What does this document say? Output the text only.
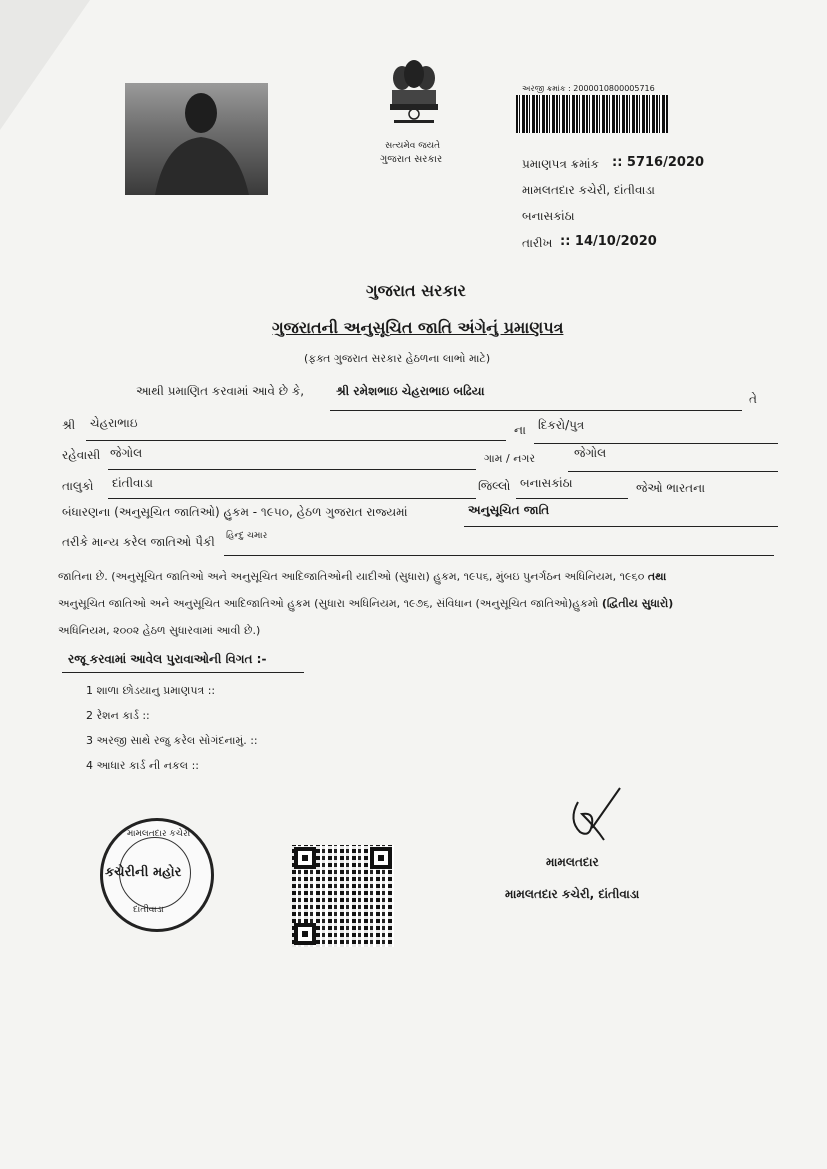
સત્યમેવ જયતે
ગુજરાત સરકાર
અરજી ક્રમાંક : 2000010800005716
પ્રમાણપત્ર ક્રમાંક :: 5716/2020
મામલતદાર કચેરી, દાંતીવાડા
બનાસકાંઠા
તારીખ :: 14/10/2020
ગુજરાત સરકાર
ગુજરાતની અનુસૂચિત જાતિ અંગેનું પ્રમાણપત્ર
(ફક્ત ગુજરાત સરકાર હેઠળના લાભો માટે)
આથી પ્રમાણિત કરવામાં આવે છે કે,	શ્રી રમેશભાઇ ચેહરાભાઇ બઢિયા
તે
શ્રી ચેહરાભાઇ	ના દિકરો/પુત્ર
રહેવાસી જેગોલ	ગામ / નગર	જેગોલ
તાલુકો દાંતીવાડા	જિલ્લો બનાસકાંઠા	જેઓ ભારતના
બંધારણના (અનુસૂચિત જાતિઓ) હુકમ - ૧૯૫૦, હેઠળ ગુજરાત રાજ્યમાં	અનુસૂચિત જાતિ
તરીકે માન્ય કરેલ જાતિઓ પૈકી હિન્દુ ચમાર
જાતિના છે. (અનુસૂચિત જાતિઓ અને અનુસૂચિત આદિજાતિઓની યાદીઓ (સુધારા) હુકમ, ૧૯૫૬, મુંબઇ પુનર્ગઠન અધિનિયમ, ૧૯૬૦ તથા
અનુસૂચિત જાતિઓ અને અનુસૂચિત આદિજાતિઓ હુકમ (સુધારા અધિનિયમ, ૧૯૭૬, સંવિધાન (અનુસૂચિત જાતિઓ)હુકમો (દ્વિતીય સુધારો)
અધિનિયમ, ૨૦૦૨ હેઠળ સુધારવામાં આવી છે.)
રજૂ કરવામાં આવેલ પુરાવાઓની વિગત :-
1 શાળા છોડયાનુ પ્રમાણપત્ર ::
2 રેશન કાર્ડ ::
3 અરજી સાથે રજુ કરેલ સોગંદનામું. ::
4 આધાર કાર્ડ ની નકલ ::
મામલતદાર કચેરી
કચેરીની મહોર
દાંતીવાડા
મામલતદાર
મામલતદાર કચેરી, દાંતીવાડા
